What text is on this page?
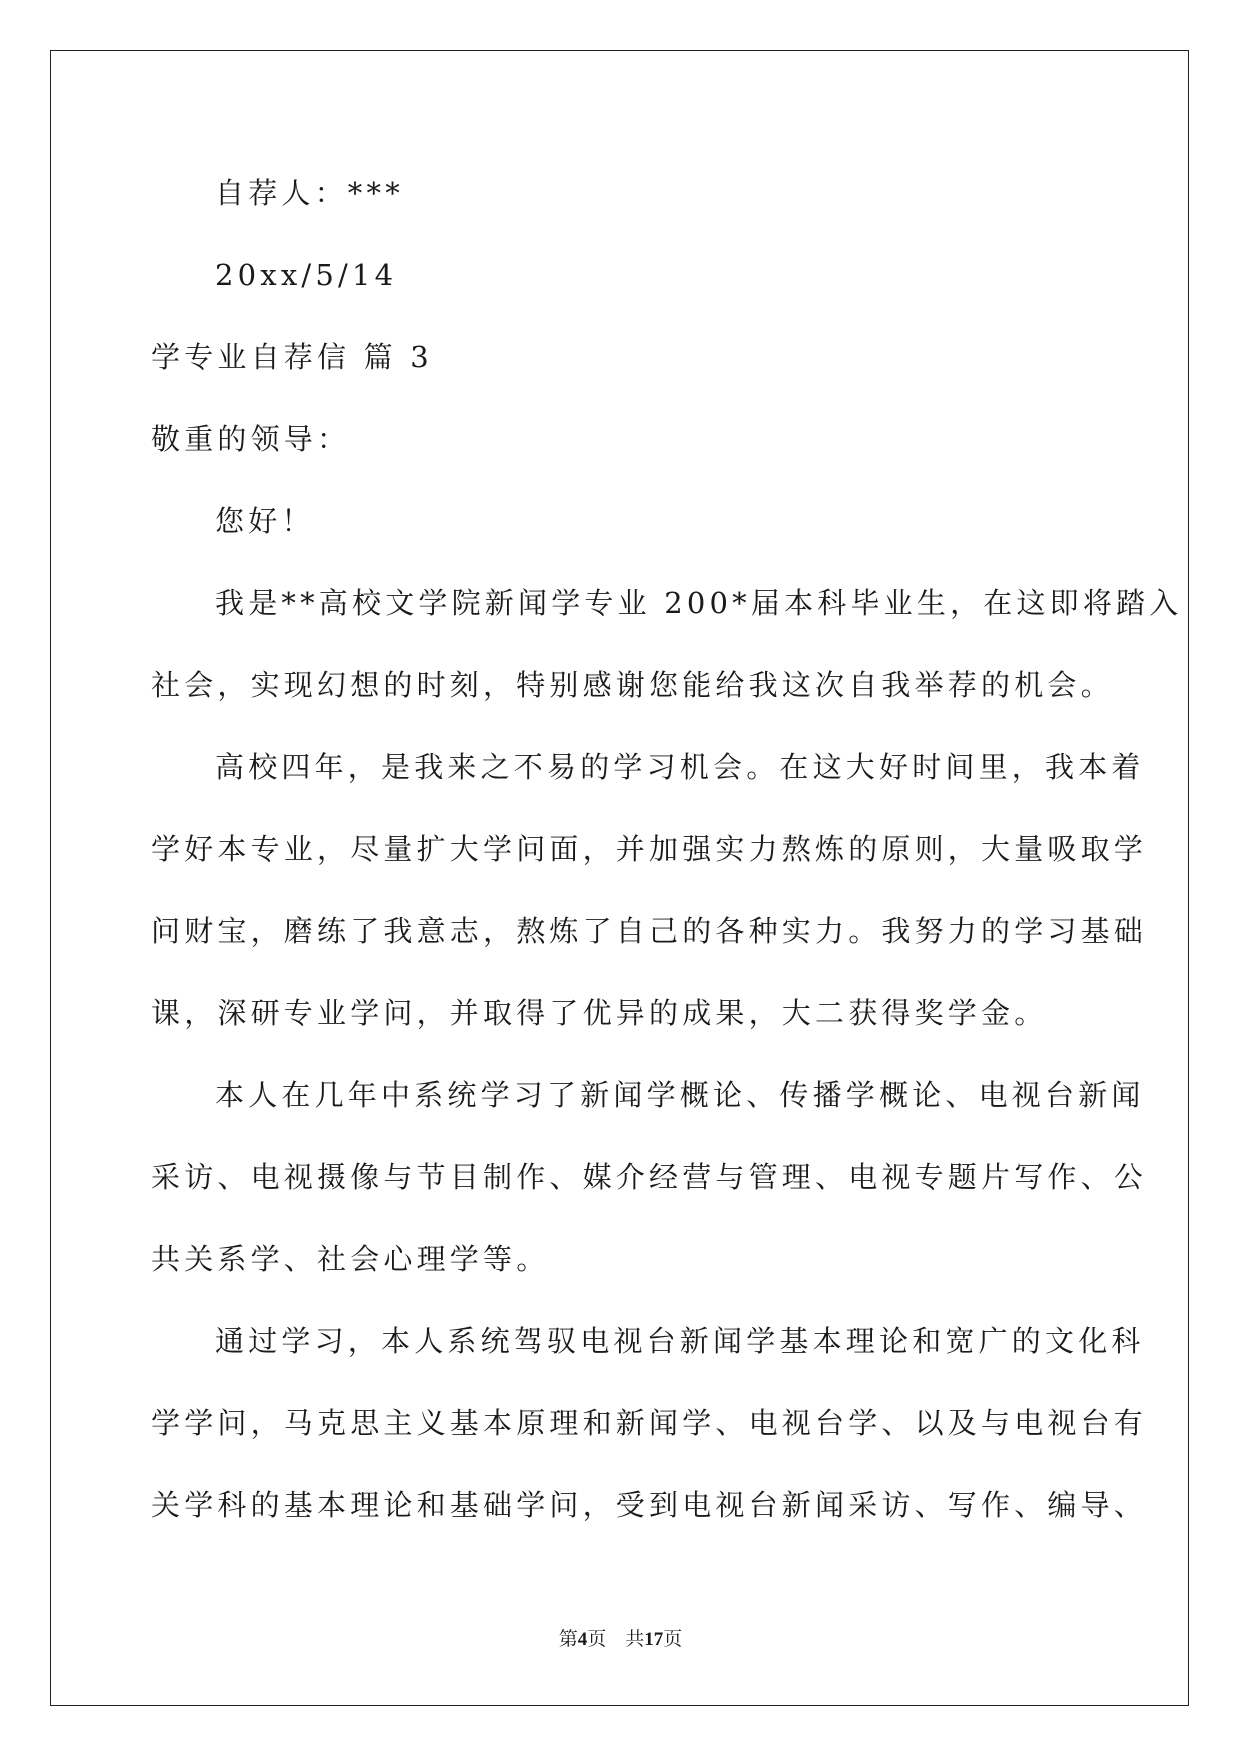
自荐人：***
20xx/5/14
学专业自荐信 篇 3
敬重的领导：
您好！
我是**高校文学院新闻学专业 200*届本科毕业生，在这即将踏入
社会，实现幻想的时刻，特别感谢您能给我这次自我举荐的机会。
高校四年，是我来之不易的学习机会。在这大好时间里，我本着
学好本专业，尽量扩大学问面，并加强实力熬炼的原则，大量吸取学
问财宝，磨练了我意志，熬炼了自己的各种实力。我努力的学习基础
课，深研专业学问，并取得了优异的成果，大二获得奖学金。
本人在几年中系统学习了新闻学概论、传播学概论、电视台新闻
采访、电视摄像与节目制作、媒介经营与管理、电视专题片写作、公
共关系学、社会心理学等。
通过学习，本人系统驾驭电视台新闻学基本理论和宽广的文化科
学学问，马克思主义基本原理和新闻学、电视台学、以及与电视台有
关学科的基本理论和基础学问，受到电视台新闻采访、写作、编导、
第4页 共17页
